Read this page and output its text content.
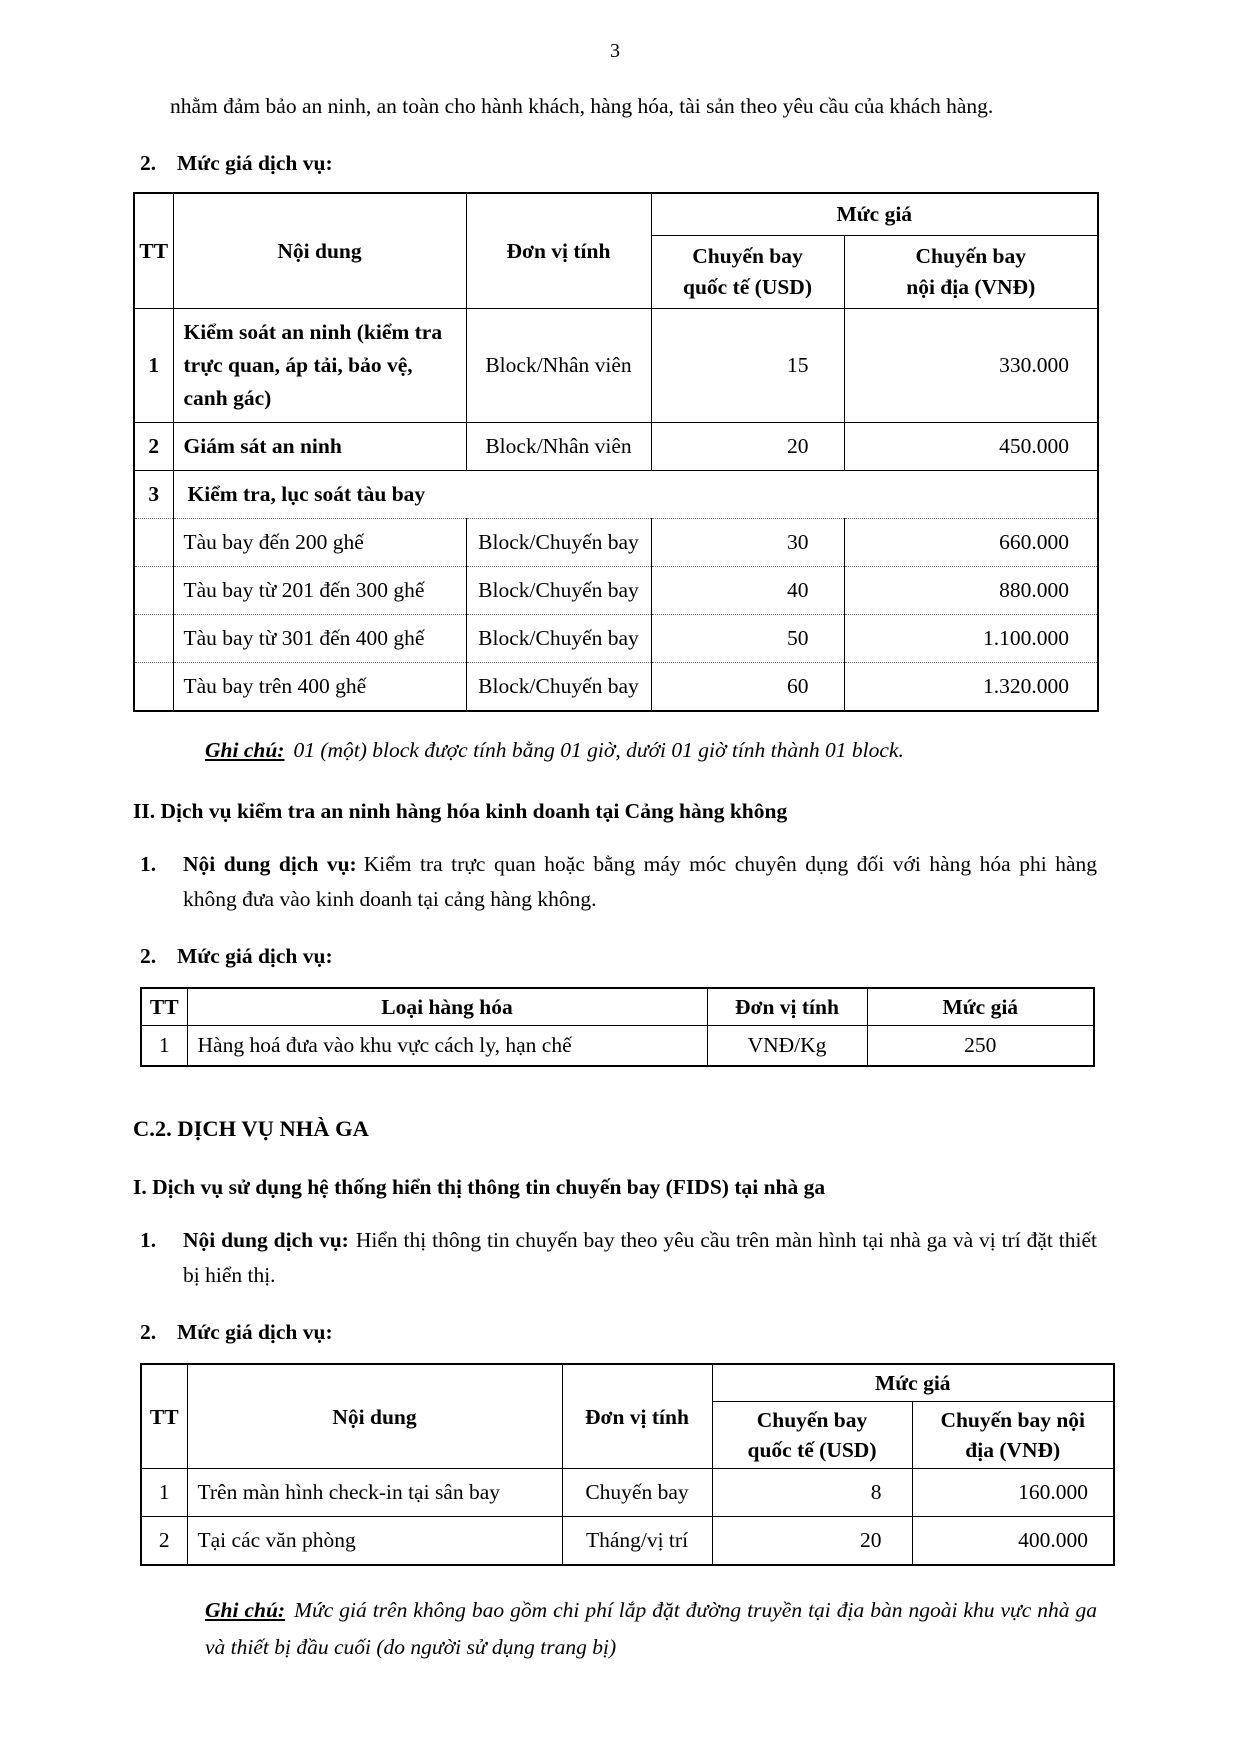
3
nhằm đảm bảo an ninh, an toàn cho hành khách, hàng hóa, tài sản theo yêu cầu của khách hàng.
2. Mức giá dịch vụ:
TT	Nội dung	Đơn vị tính	Mức giá	
			Chuyến bay quốc tế (USD)	Chuyến bay nội địa (VNĐ)
1	Kiểm soát an ninh (kiểm tra trực quan, áp tải, bảo vệ, canh gác)	Block/Nhân viên	15	330.000
2	Giám sát an ninh	Block/Nhân viên	20	450.000
3	Kiểm tra, lục soát tàu bay			
	Tàu bay đến 200 ghế	Block/Chuyến bay	30	660.000
	Tàu bay từ 201 đến 300 ghế	Block/Chuyến bay	40	880.000
	Tàu bay từ 301 đến 400 ghế	Block/Chuyến bay	50	1.100.000
	Tàu bay trên 400 ghế	Block/Chuyến bay	60	1.320.000
Ghi chú: 01 (một) block được tính bằng 01 giờ, dưới 01 giờ tính thành 01 block.
II. Dịch vụ kiểm tra an ninh hàng hóa kinh doanh tại Cảng hàng không
1.	Nội dung dịch vụ: Kiểm tra trực quan hoặc bằng máy móc chuyên dụng đối với hàng hóa phi hàng không đưa vào kinh doanh tại cảng hàng không.
2. Mức giá dịch vụ:
TT	Loại hàng hóa	Đơn vị tính	Mức giá
1	Hàng hoá đưa vào khu vực cách ly, hạn chế	VNĐ/Kg	250
C.2. DỊCH VỤ NHÀ GA
I. Dịch vụ sử dụng hệ thống hiển thị thông tin chuyến bay (FIDS) tại nhà ga
1.	Nội dung dịch vụ: Hiển thị thông tin chuyến bay theo yêu cầu trên màn hình tại nhà ga và vị trí đặt thiết bị hiển thị.
2. Mức giá dịch vụ:
TT	Nội dung	Đơn vị tính	Mức giá	
			Chuyến bay quốc tế (USD)	Chuyến bay nội địa (VNĐ)
1	Trên màn hình check-in tại sân bay	Chuyến bay	8	160.000
2	Tại các văn phòng	Tháng/vị trí	20	400.000
Ghi chú: Mức giá trên không bao gồm chi phí lắp đặt đường truyền tại địa bàn ngoài khu vực nhà ga và thiết bị đầu cuối (do người sử dụng trang bị)
